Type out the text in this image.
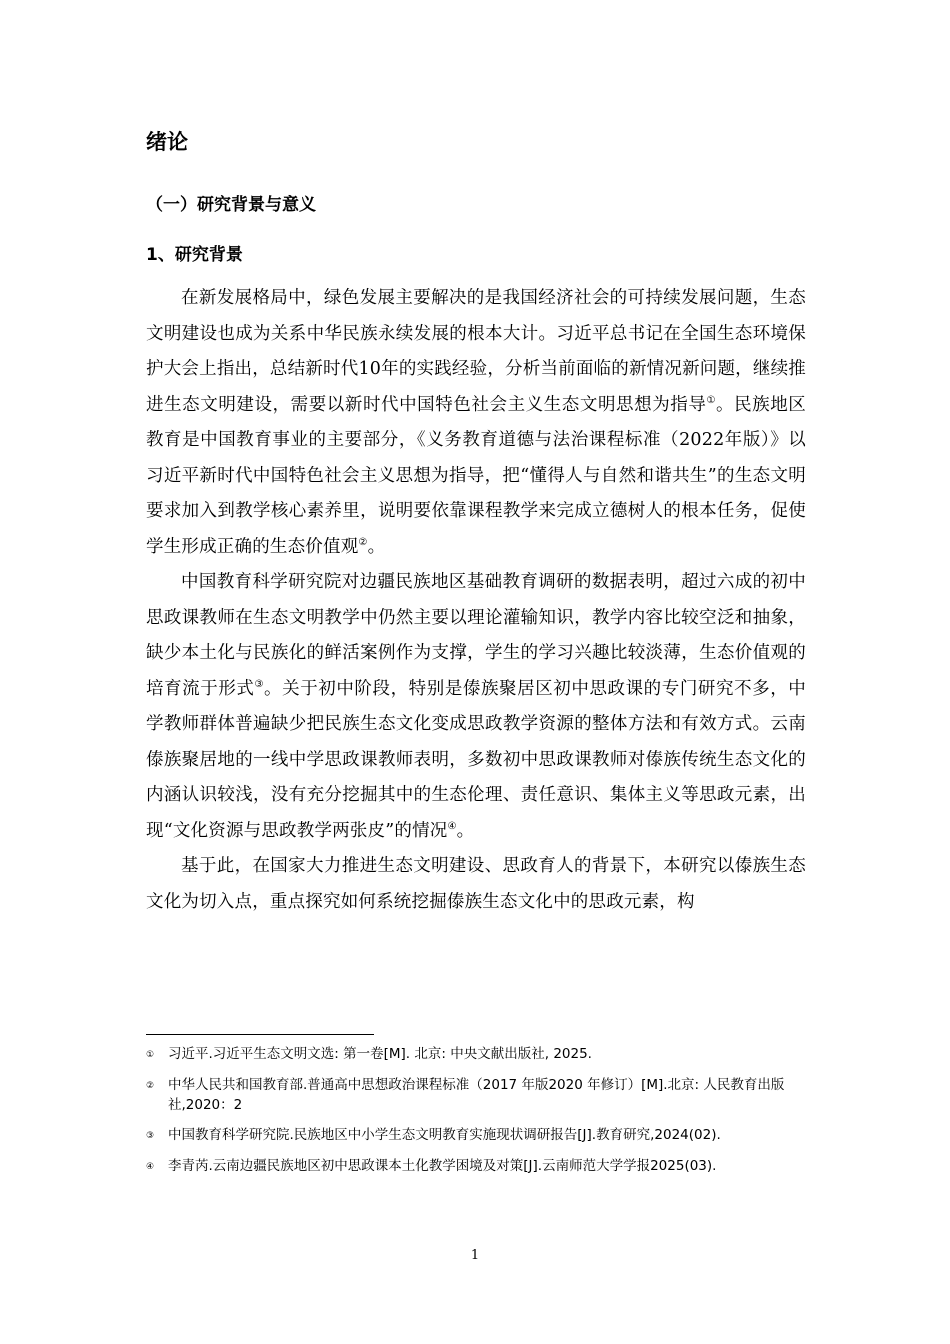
绪论
（一）研究背景与意义
1、研究背景

在新发展格局中，绿色发展主要解决的是我国经济社会的可持续发展问题，生态文明建设也成为关系中华民族永续发展的根本大计。习近平总书记在全国生态环境保护大会上指出，总结新时代10年的实践经验，分析当前面临的新情况新问题，继续推进生态文明建设，需要以新时代中国特色社会主义生态文明思想为指导①。民族地区教育是中国教育事业的主要部分，《义务教育道德与法治课程标准（2022年版）》以习近平新时代中国特色社会主义思想为指导，把“懂得人与自然和谐共生”的生态文明要求加入到教学核心素养里，说明要依靠课程教学来完成立德树人的根本任务，促使学生形成正确的生态价值观②。

中国教育科学研究院对边疆民族地区基础教育调研的数据表明，超过六成的初中思政课教师在生态文明教学中仍然主要以理论灌输知识，教学内容比较空泛和抽象，缺少本土化与民族化的鲜活案例作为支撑，学生的学习兴趣比较淡薄，生态价值观的培育流于形式③。关于初中阶段，特别是傣族聚居区初中思政课的专门研究不多，中学教师群体普遍缺少把民族生态文化变成思政教学资源的整体方法和有效方式。云南傣族聚居地的一线中学思政课教师表明，多数初中思政课教师对傣族传统生态文化的内涵认识较浅，没有充分挖掘其中的生态伦理、责任意识、集体主义等思政元素，出现“文化资源与思政教学两张皮”的情况④。

基于此，在国家大力推进生态文明建设、思政育人的背景下，本研究以傣族生态文化为切入点，重点探究如何系统挖掘傣族生态文化中的思政元素，构

①	习近平.习近平生态文明文选: 第一卷[M]. 北京: 中央文献出版社, 2025.
②	中华人民共和国教育部.普通高中思想政治课程标准（2017 年版2020 年修订）[M].北京: 人民教育出版社,2020：2
③	中国教育科学研究院.民族地区中小学生态文明教育实施现状调研报告[J].教育研究,2024(02).
④	李青芮.云南边疆民族地区初中思政课本土化教学困境及对策[J].云南师范大学学报2025(03).
1
